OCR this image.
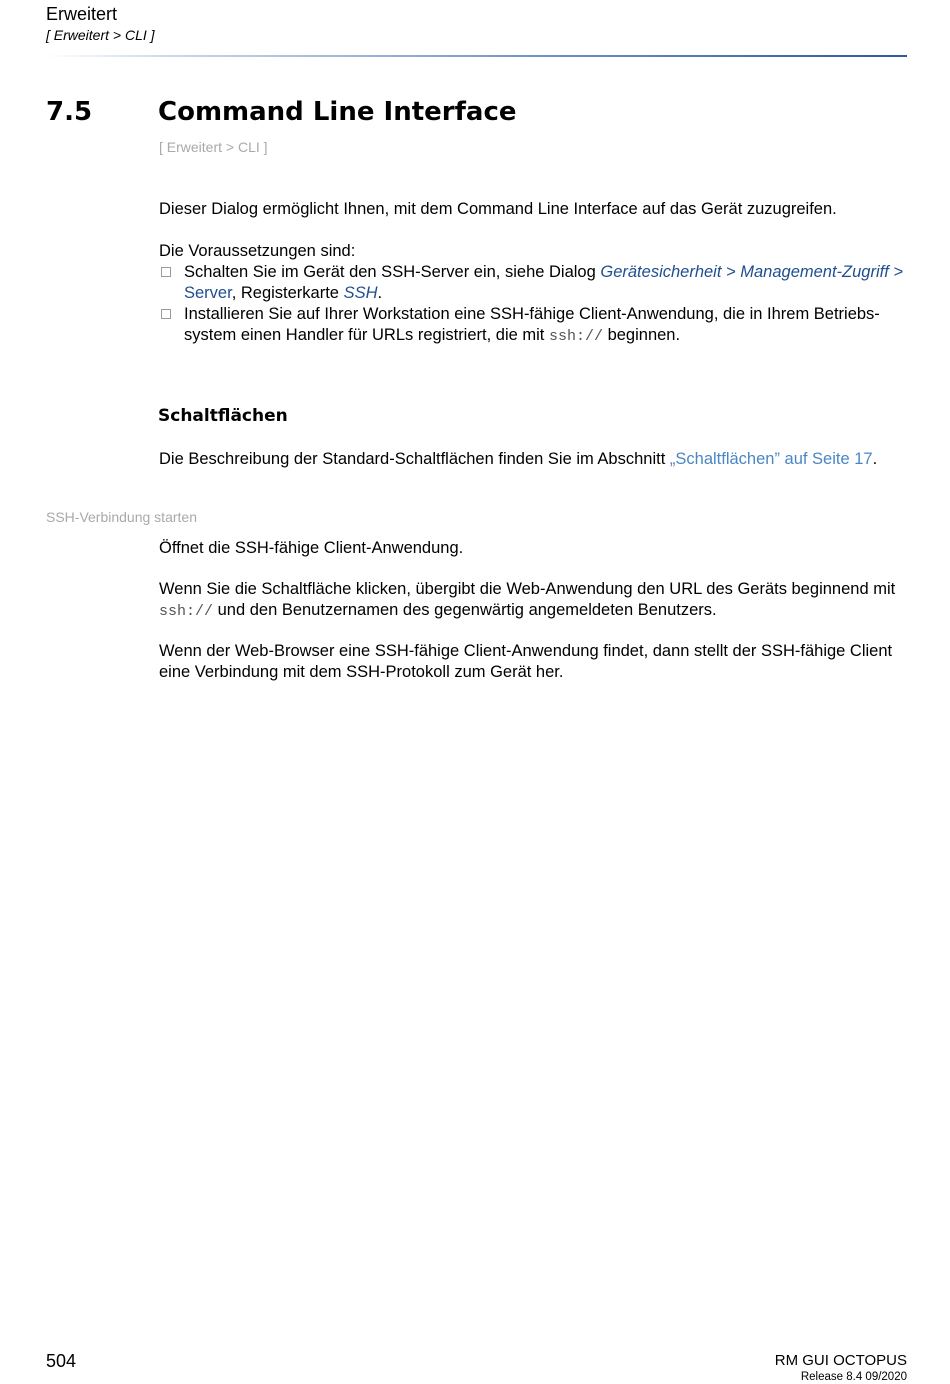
Erweitert
[ Erweitert > CLI ]
7.5	Command Line Interface
[ Erweitert > CLI ]
Dieser Dialog ermöglicht Ihnen, mit dem Command Line Interface auf das Gerät zuzugreifen.
Die Voraussetzungen sind:
Schalten Sie im Gerät den SSH-Server ein, siehe Dialog Gerätesicherheit > Management-Zugriff >
Server, Registerkarte SSH.
Installieren Sie auf Ihrer Workstation eine SSH-fähige Client-Anwendung, die in Ihrem Betriebs-system einen Handler für URLs registriert, die mit ssh:// beginnen.
Schaltflächen
Die Beschreibung der Standard-Schaltflächen finden Sie im Abschnitt „Schaltflächen” auf Seite 17.
SSH-Verbindung starten
Öffnet die SSH-fähige Client-Anwendung.
Wenn Sie die Schaltfläche klicken, übergibt die Web-Anwendung den URL des Geräts beginnend mit ssh:// und den Benutzernamen des gegenwärtig angemeldeten Benutzers.
Wenn der Web-Browser eine SSH-fähige Client-Anwendung findet, dann stellt der SSH-fähige Client eine Verbindung mit dem SSH-Protokoll zum Gerät her.
504	RM GUI OCTOPUS
Release 8.4 09/2020
